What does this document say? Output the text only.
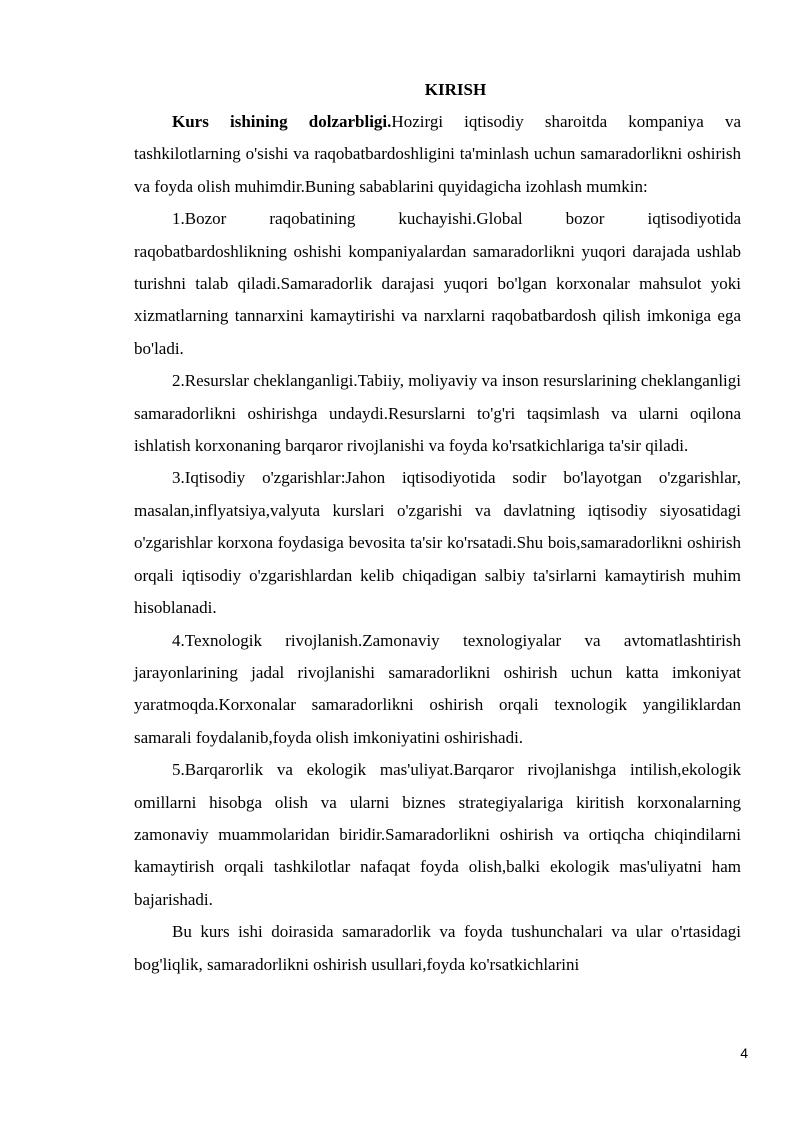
KIRISH

Kurs ishining dolzarbligi.Hozirgi iqtisodiy sharoitda kompaniya va tashkilotlarning o'sishi va raqobatbardoshligini ta'minlash uchun samaradorlikni oshirish va foyda olish muhimdir.Buning sabablarini quyidagicha izohlash mumkin:

1.Bozor raqobatining kuchayishi.Global bozor iqtisodiyotida raqobatbardoshlikning oshishi kompaniyalardan samaradorlikni yuqori darajada ushlab turishni talab qiladi.Samaradorlik darajasi yuqori bo'lgan korxonalar mahsulot yoki xizmatlarning tannarxini kamaytirishi va narxlarni raqobatbardosh qilish imkoniga ega bo'ladi.

2.Resurslar cheklanganligi.Tabiiy, moliyaviy va inson resurslarining cheklanganligi samaradorlikni oshirishga undaydi.Resurslarni to'g'ri taqsimlash va ularni oqilona ishlatish korxonaning barqaror rivojlanishi va foyda ko'rsatkichlariga ta'sir qiladi.

3.Iqtisodiy o'zgarishlar:Jahon iqtisodiyotida sodir bo'layotgan o'zgarishlar, masalan,inflyatsiya,valyuta kurslari o'zgarishi va davlatning iqtisodiy siyosatidagi o'zgarishlar korxona foydasiga bevosita ta'sir ko'rsatadi.Shu bois,samaradorlikni oshirish orqali iqtisodiy o'zgarishlardan kelib chiqadigan salbiy ta'sirlarni kamaytirish muhim hisoblanadi.

4.Texnologik rivojlanish.Zamonaviy texnologiyalar va avtomatlashtirish jarayonlarining jadal rivojlanishi samaradorlikni oshirish uchun katta imkoniyat yaratmoqda.Korxonalar samaradorlikni oshirish orqali texnologik yangiliklardan samarali foydalanib,foyda olish imkoniyatini oshirishadi.

5.Barqarorlik va ekologik mas'uliyat.Barqaror rivojlanishga intilish,ekologik omillarni hisobga olish va ularni biznes strategiyalariga kiritish korxonalarning zamonaviy muammolaridan biridir.Samaradorlikni oshirish va ortiqcha chiqindilarni kamaytirish orqali tashkilotlar nafaqat foyda olish,balki ekologik mas'uliyatni ham bajarishadi.

Bu kurs ishi doirasida samaradorlik va foyda tushunchalari va ular o'rtasidagi bog'liqlik, samaradorlikni oshirish usullari,foyda ko'rsatkichlarini

4
